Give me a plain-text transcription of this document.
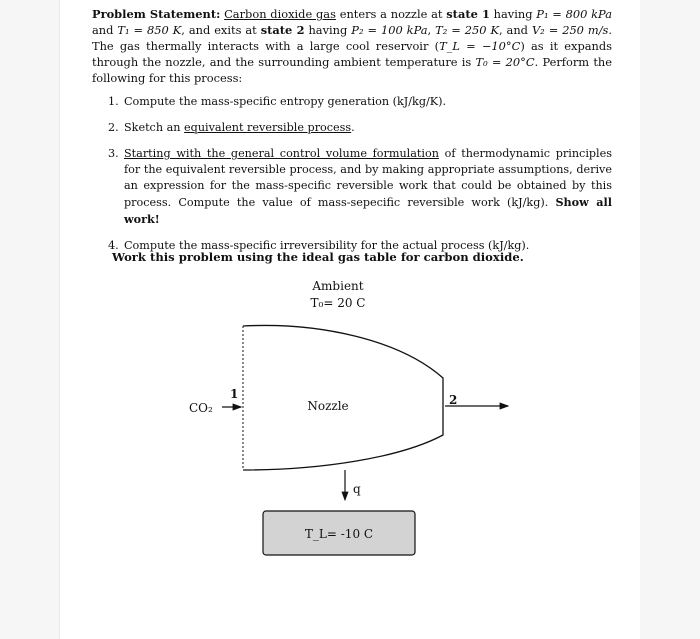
Problem Statement: Carbon dioxide gas enters a nozzle at state 1 having P₁ = 800 kPa and T₁ = 850 K, and exits at state 2 having P₂ = 100 kPa, T₂ = 250 K, and V₂ = 250 m/s. The gas thermally interacts with a large cool reservoir (T_L = −10°C) as it expands through the nozzle, and the surrounding ambient temperature is T₀ = 20°C. Perform the following for this process:
1. Compute the mass-specific entropy generation (kJ/kg/K).
2. Sketch an equivalent reversible process.
3. Starting with the general control volume formulation of thermodynamic principles for the equivalent reversible process, and by making appropriate assumptions, derive an expression for the mass-specific reversible work that could be obtained by this process. Compute the value of mass-sepecific reversible work (kJ/kg). Show all work!
4. Compute the mass-specific irreversibility for the actual process (kJ/kg).
Work this problem using the ideal gas table for carbon dioxide.
Ambient
T₀= 20 C
Nozzle
CO₂
1	2
q
T_L= -10 C
